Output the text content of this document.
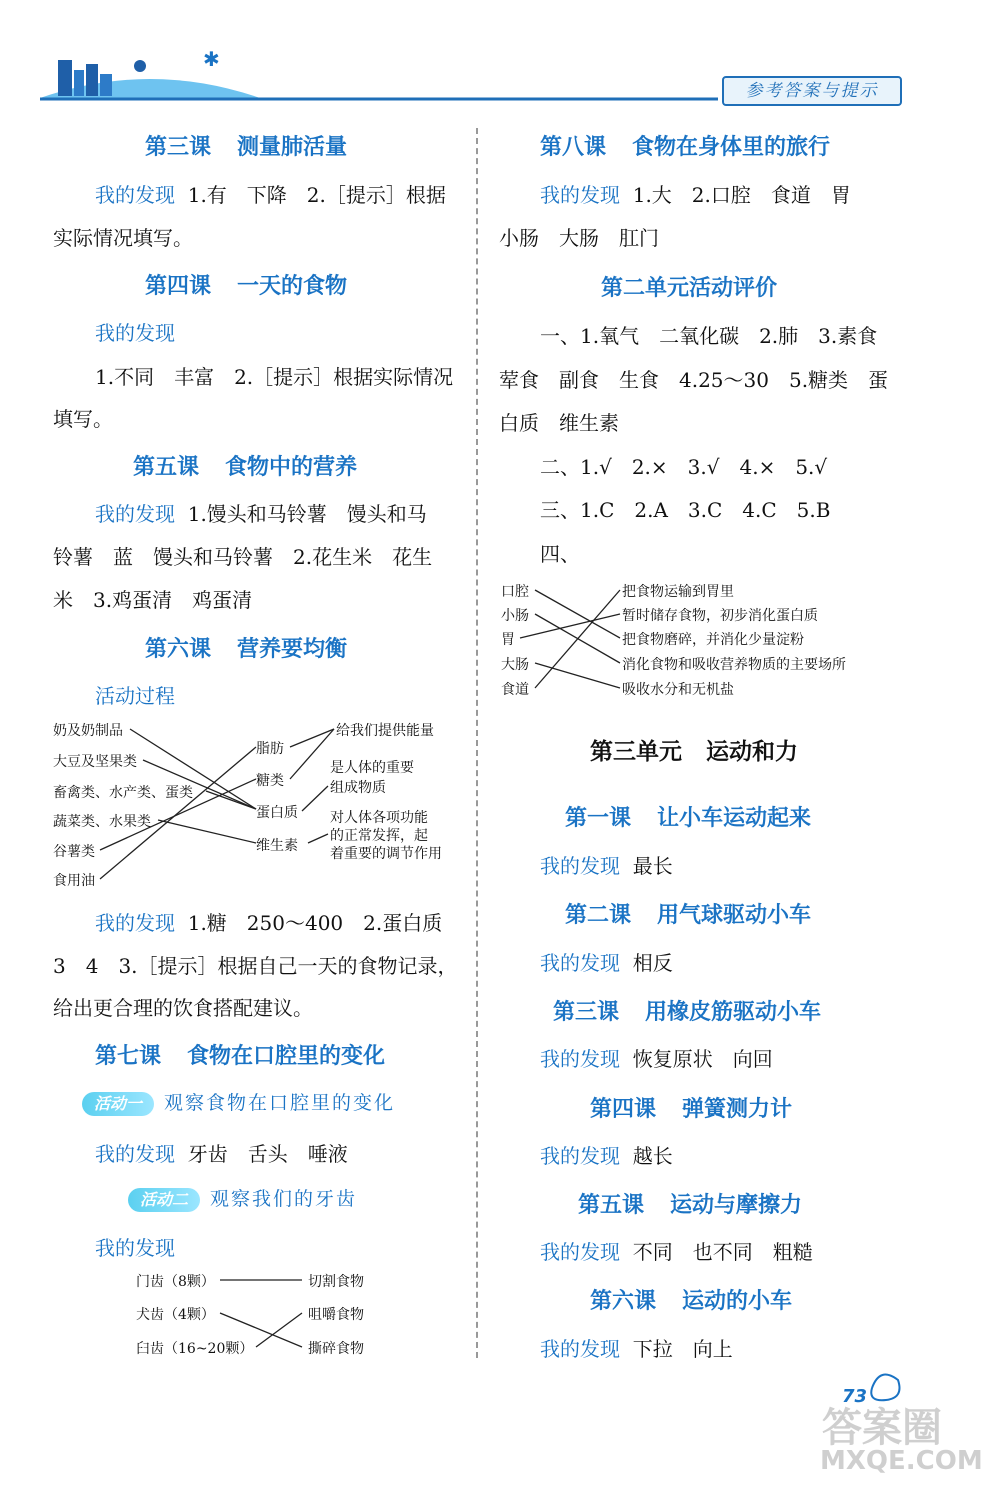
✱
参考答案与提示
第三课 测量肺活量
我的发现 1.有　下降　2.［提示］根据
实际情况填写。
第四课 一天的食物
我的发现
1.不同　丰富　2.［提示］根据实际情况
填写。
第五课 食物中的营养
我的发现 1.馒头和马铃薯　馒头和马
铃薯　蓝　馒头和马铃薯　2.花生米　花生
米　3.鸡蛋清　鸡蛋清
第六课 营养要均衡
活动过程
奶及奶制品
大豆及坚果类
畜禽类、水产类、蛋类
蔬菜类、水果类
谷薯类
食用油
脂肪
糖类
蛋白质
维生素
给我们提供能量
是人体的重要
组成物质
对人体各项功能
的正常发挥，起
着重要的调节作用
我的发现 1.糖　250～400　2.蛋白质
3　4　3.［提示］根据自己一天的食物记录，
给出更合理的饮食搭配建议。
第七课 食物在口腔里的变化
活动一 观察食物在口腔里的变化
我的发现 牙齿　舌头　唾液
活动二 观察我们的牙齿
我的发现
门齿（8颗）
犬齿（4颗）
臼齿（16~20颗）
切割食物
咀嚼食物
撕碎食物
第八课 食物在身体里的旅行
我的发现 1.大　2.口腔　食道　胃
小肠　大肠　肛门
第二单元活动评价
一、1.氧气　二氧化碳　2.肺　3.素食
荤食　副食　生食　4.25～30　5.糖类　蛋
白质　维生素
二、1.√　2.×　3.√　4.×　5.√
三、1.C　2.A　3.C　4.C　5.B
四、
口腔
小肠
胃
大肠
食道
把食物运输到胃里
暂时储存食物，初步消化蛋白质
把食物磨碎，并消化少量淀粉
消化食物和吸收营养物质的主要场所
吸收水分和无机盐
第三单元 运动和力
第一课 让小车运动起来
我的发现 最长
第二课 用气球驱动小车
我的发现 相反
第三课 用橡皮筋驱动小车
我的发现 恢复原状　向回
第四课 弹簧测力计
我的发现 越长
第五课 运动与摩擦力
我的发现 不同　也不同　粗糙
第六课 运动的小车
我的发现 下拉　向上
73
答案圈
MXQE.COM
